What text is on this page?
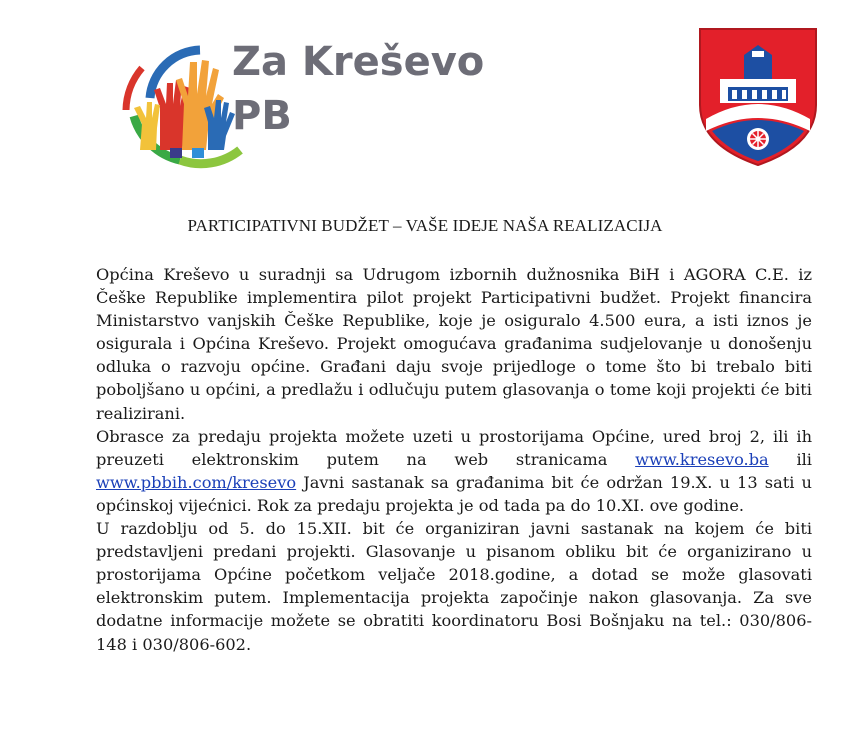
Za Kreševo
PB
PARTICIPATIVNI BUDŽET – VAŠE IDEJE NAŠA REALIZACIJA

Općina Kreševo u suradnji sa Udrugom izbornih dužnosnika BiH i AGORA C.E. iz Češke Republike implementira pilot projekt Participativni budžet. Projekt financira Ministarstvo vanjskih Češke Republike, koje je osiguralo 4.500 eura, a isti iznos je osigurala i Općina Kreševo. Projekt omogućava građanima sudjelovanje u donošenju odluka o razvoju općine. Građani daju svoje prijedloge o tome što bi trebalo biti poboljšano u općini, a predlažu i odlučuju putem glasovanja o tome koji projekti će biti realizirani.

Obrasce za predaju projekta možete uzeti u prostorijama Općine, ured broj 2, ili ih preuzeti elektronskim putem na web stranicama www.kresevo.ba ili www.pbbih.com/kresevo Javni sastanak sa građanima bit će održan 19.X. u 13 sati u općinskoj vijećnici. Rok za predaju projekta je od tada pa do 10.XI. ove godine.

U razdoblju od 5. do 15.XII. bit će organiziran javni sastanak na kojem će biti predstavljeni predani projekti. Glasovanje u pisanom obliku bit će organizirano u prostorijama Općine početkom veljače 2018.godine, a dotad se može glasovati elektronskim putem. Implementacija projekta započinje nakon glasovanja. Za sve dodatne informacije možete se obratiti koordinatoru Bosi Bošnjaku na tel.: 030/806-148 i 030/806-602.
